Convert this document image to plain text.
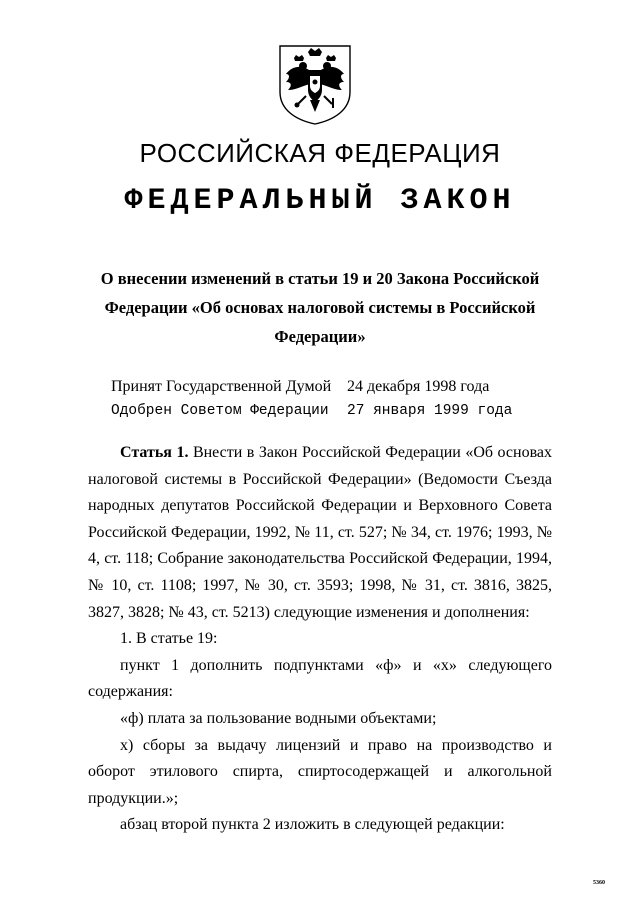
РОССИЙСКАЯ ФЕДЕРАЦИЯ
ФЕДЕРАЛЬНЫЙ ЗАКОН
О внесении изменений в статьи 19 и 20 Закона Российской Федерации «Об основах налоговой системы в Российской Федерации»
Принят Государственной Думой 24 декабря 1998 года
Одобрен Советом Федерации	27 января 1999 года

Статья 1. Внести в Закон Российской Федерации «Об основах налоговой системы в Российской Федерации» (Ведомости Съезда народных депутатов Российской Федерации и Верховного Совета Российской Федерации, 1992, № 11, ст. 527; № 34, ст. 1976; 1993, № 4, ст. 118; Собрание законодательства Российской Федерации, 1994, № 10, ст. 1108; 1997, № 30, ст. 3593; 1998, № 31, ст. 3816, 3825, 3827, 3828; № 43, ст. 5213) следующие изменения и дополнения:

1. В статье 19:

пункт 1 дополнить подпунктами «ф» и «х» следующего содержания:

«ф) плата за пользование водными объектами;

х) сборы за выдачу лицензий и право на производство и оборот этилового спирта, спиртосодержащей и алкогольной продукции.»;

абзац второй пункта 2 изложить в следующей редакции:

5360
